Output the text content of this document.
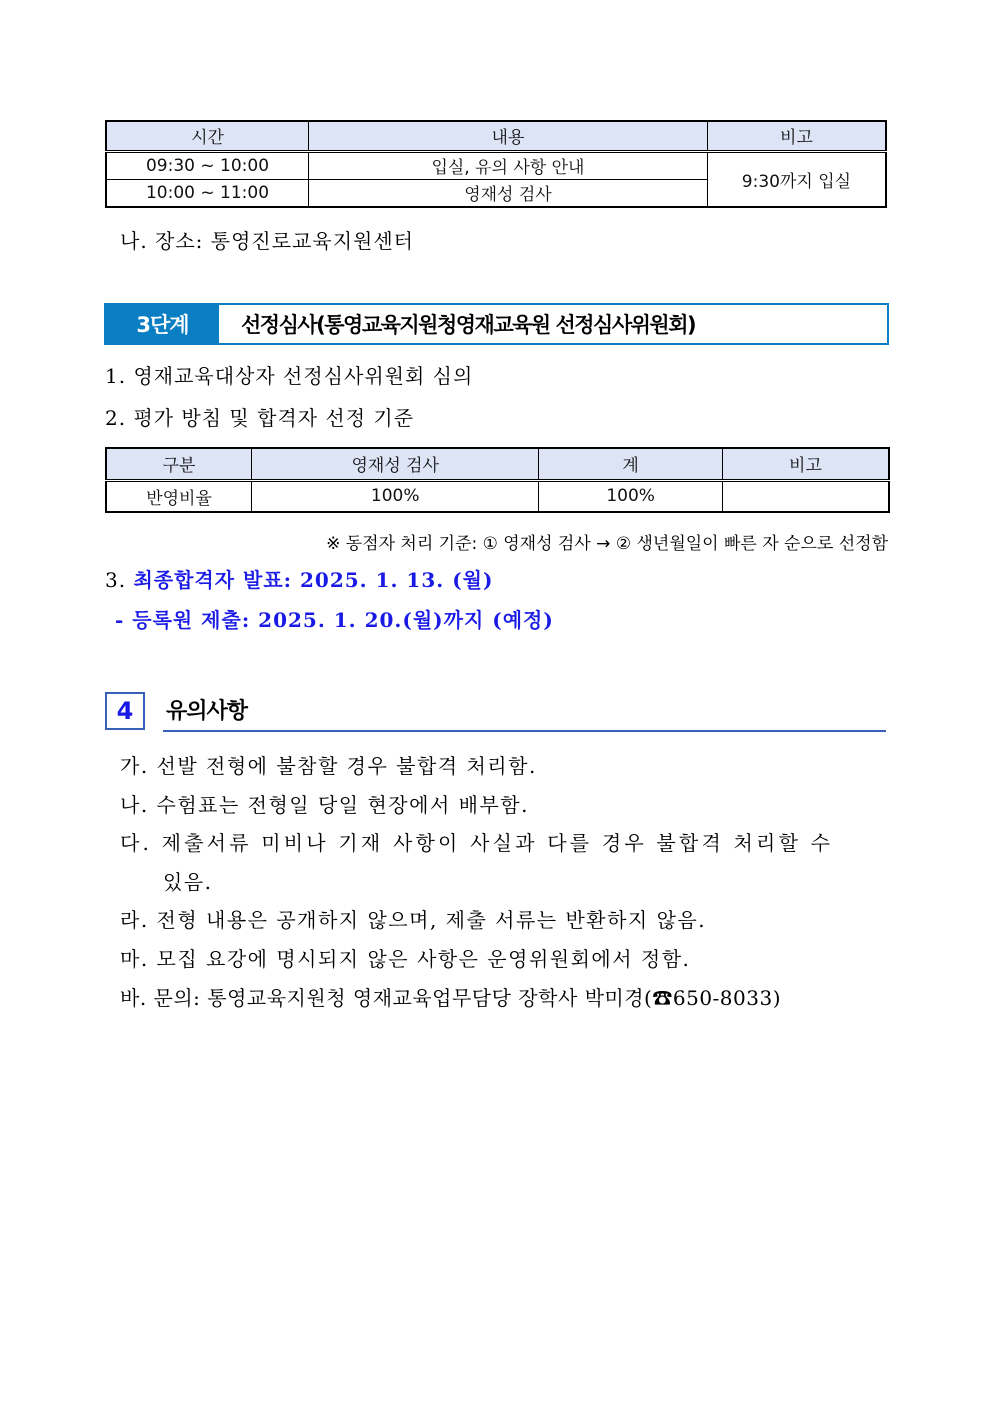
시간	내용	비고
09:30 ~ 10:00	입실, 유의 사항 안내	9:30까지 입실
10:00 ~ 11:00	영재성 검사	
나. 장소: 통영진로교육지원센터
3단계	선정심사(통영교육지원청영재교육원 선정심사위원회)
1. 영재교육대상자 선정심사위원회 심의
2. 평가 방침 및 합격자 선정 기준
구분	영재성 검사	계	비고
반영비율	100%	100%	
※ 동점자 처리 기준: ① 영재성 검사 → ② 생년월일이 빠른 자 순으로 선정함
3. 최종합격자 발표: 2025. 1. 13. (월)
- 등록원 제출: 2025. 1. 20.(월)까지 (예정)
4	유의사항
가. 선발 전형에 불참할 경우 불합격 처리함.
나. 수험표는 전형일 당일 현장에서 배부함.
다. 제출서류 미비나 기재 사항이 사실과 다를 경우 불합격 처리할 수
있음.
라. 전형 내용은 공개하지 않으며, 제출 서류는 반환하지 않음.
마. 모집 요강에 명시되지 않은 사항은 운영위원회에서 정함.
바. 문의: 통영교육지원청 영재교육업무담당 장학사 박미경(☎650-8033)
